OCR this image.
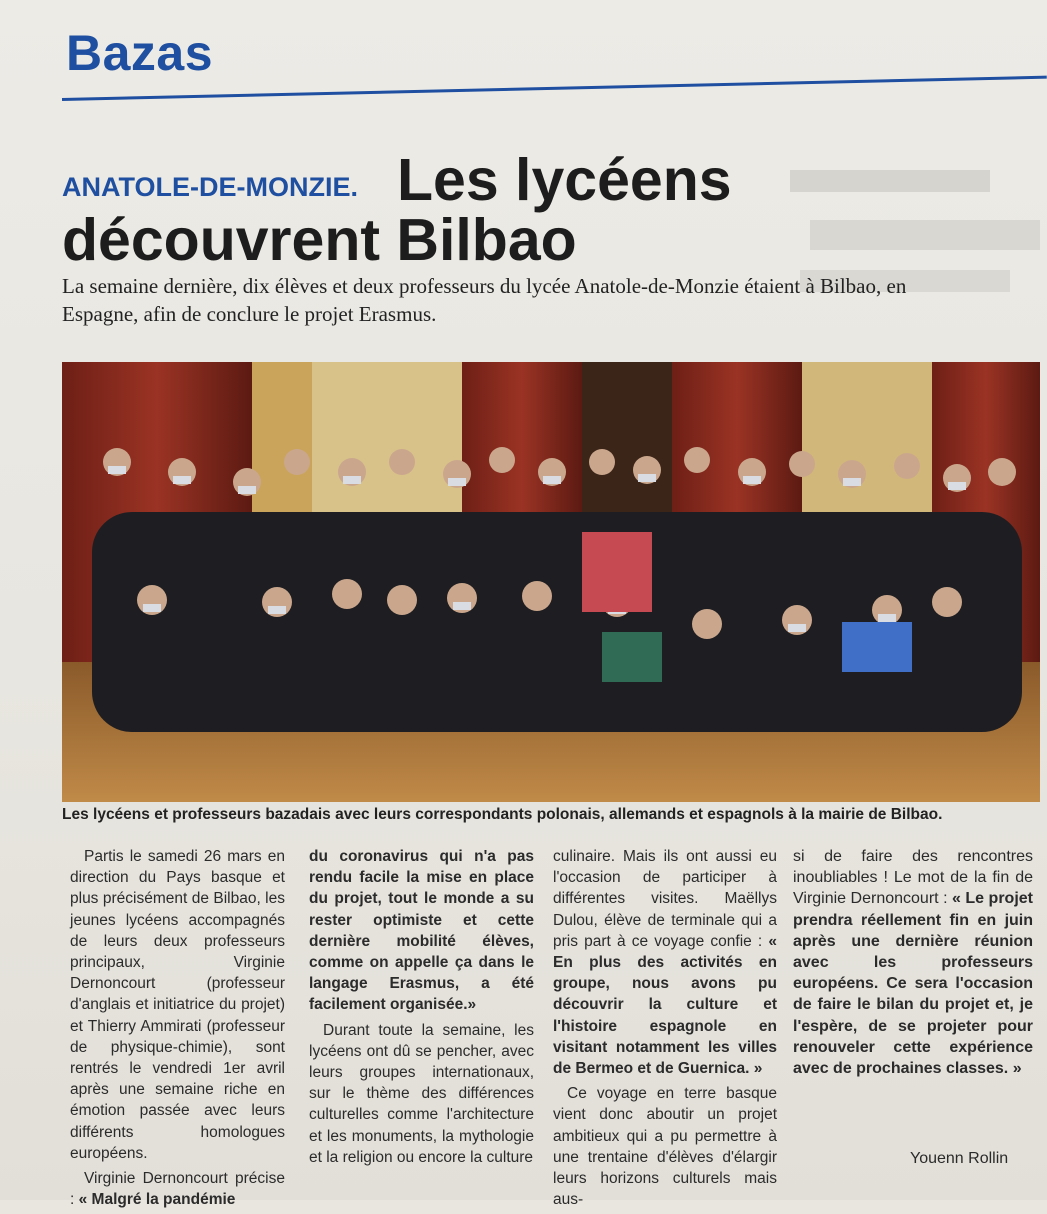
Bazas
ANATOLE-DE-MONZIE. Les lycéens
découvrent Bilbao
La semaine dernière, dix élèves et deux professeurs du lycée Anatole-de-Monzie étaient à Bilbao, en Espagne, afin de conclure le projet Erasmus.
Les lycéens et professeurs bazadais avec leurs correspondants polonais, allemands et espagnols à la mairie de Bilbao.

Partis le samedi 26 mars en direction du Pays basque et plus précisément de Bilbao, les jeunes lycéens accompagnés de leurs deux professeurs principaux, Virginie Dernoncourt (professeur d'anglais et initiatrice du projet) et Thierry Ammirati (professeur de physique-chimie), sont rentrés le vendredi 1er avril après une semaine riche en émotion passée avec leurs différents homologues européens.

Virginie Dernoncourt précise : « Malgré la pandémie

du coronavirus qui n'a pas rendu facile la mise en place du projet, tout le monde a su rester optimiste et cette dernière mobilité élèves, comme on appelle ça dans le langage Erasmus, a été facilement organisée.»

Durant toute la semaine, les lycéens ont dû se pencher, avec leurs groupes internationaux, sur le thème des différences culturelles comme l'architecture et les monuments, la mythologie et la religion ou encore la culture

culinaire. Mais ils ont aussi eu l'occasion de participer à différentes visites. Maëllys Dulou, élève de terminale qui a pris part à ce voyage confie : « En plus des activités en groupe, nous avons pu découvrir la culture et l'histoire espagnole en visitant notamment les villes de Bermeo et de Guernica. »

Ce voyage en terre basque vient donc aboutir un projet ambitieux qui a pu permettre à une trentaine d'élèves d'élargir leurs horizons culturels mais aus-

si de faire des rencontres inoubliables ! Le mot de la fin de Virginie Dernoncourt : « Le projet prendra réellement fin en juin après une dernière réunion avec les professeurs européens. Ce sera l'occasion de faire le bilan du projet et, je l'espère, de se projeter pour renouveler cette expérience avec de prochaines classes. »

Youenn Rollin
